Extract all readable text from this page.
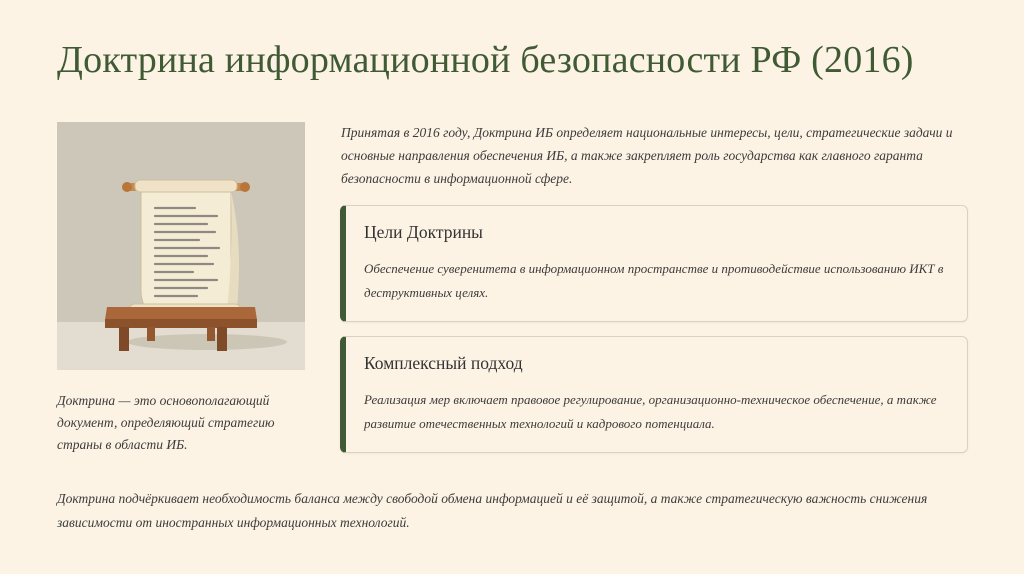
Доктрина информационной безопасности РФ (2016)

Доктрина — это основополагающий документ, определяющий стратегию страны в области ИБ.

Принятая в 2016 году, Доктрина ИБ определяет национальные интересы, цели, стратегические задачи и основные направления обеспечения ИБ, а также закрепляет роль государства как главного гаранта безопасности в информационной сфере.

Цели Доктрины
Обеспечение суверенитета в информационном пространстве и противодействие использованию ИКТ в деструктивных целях.
Комплексный подход
Реализация мер включает правовое регулирование, организационно-техническое обеспечение, а также развитие отечественных технологий и кадрового потенциала.

Доктрина подчёркивает необходимость баланса между свободой обмена информацией и её защитой, а также стратегическую важность снижения зависимости от иностранных информационных технологий.
